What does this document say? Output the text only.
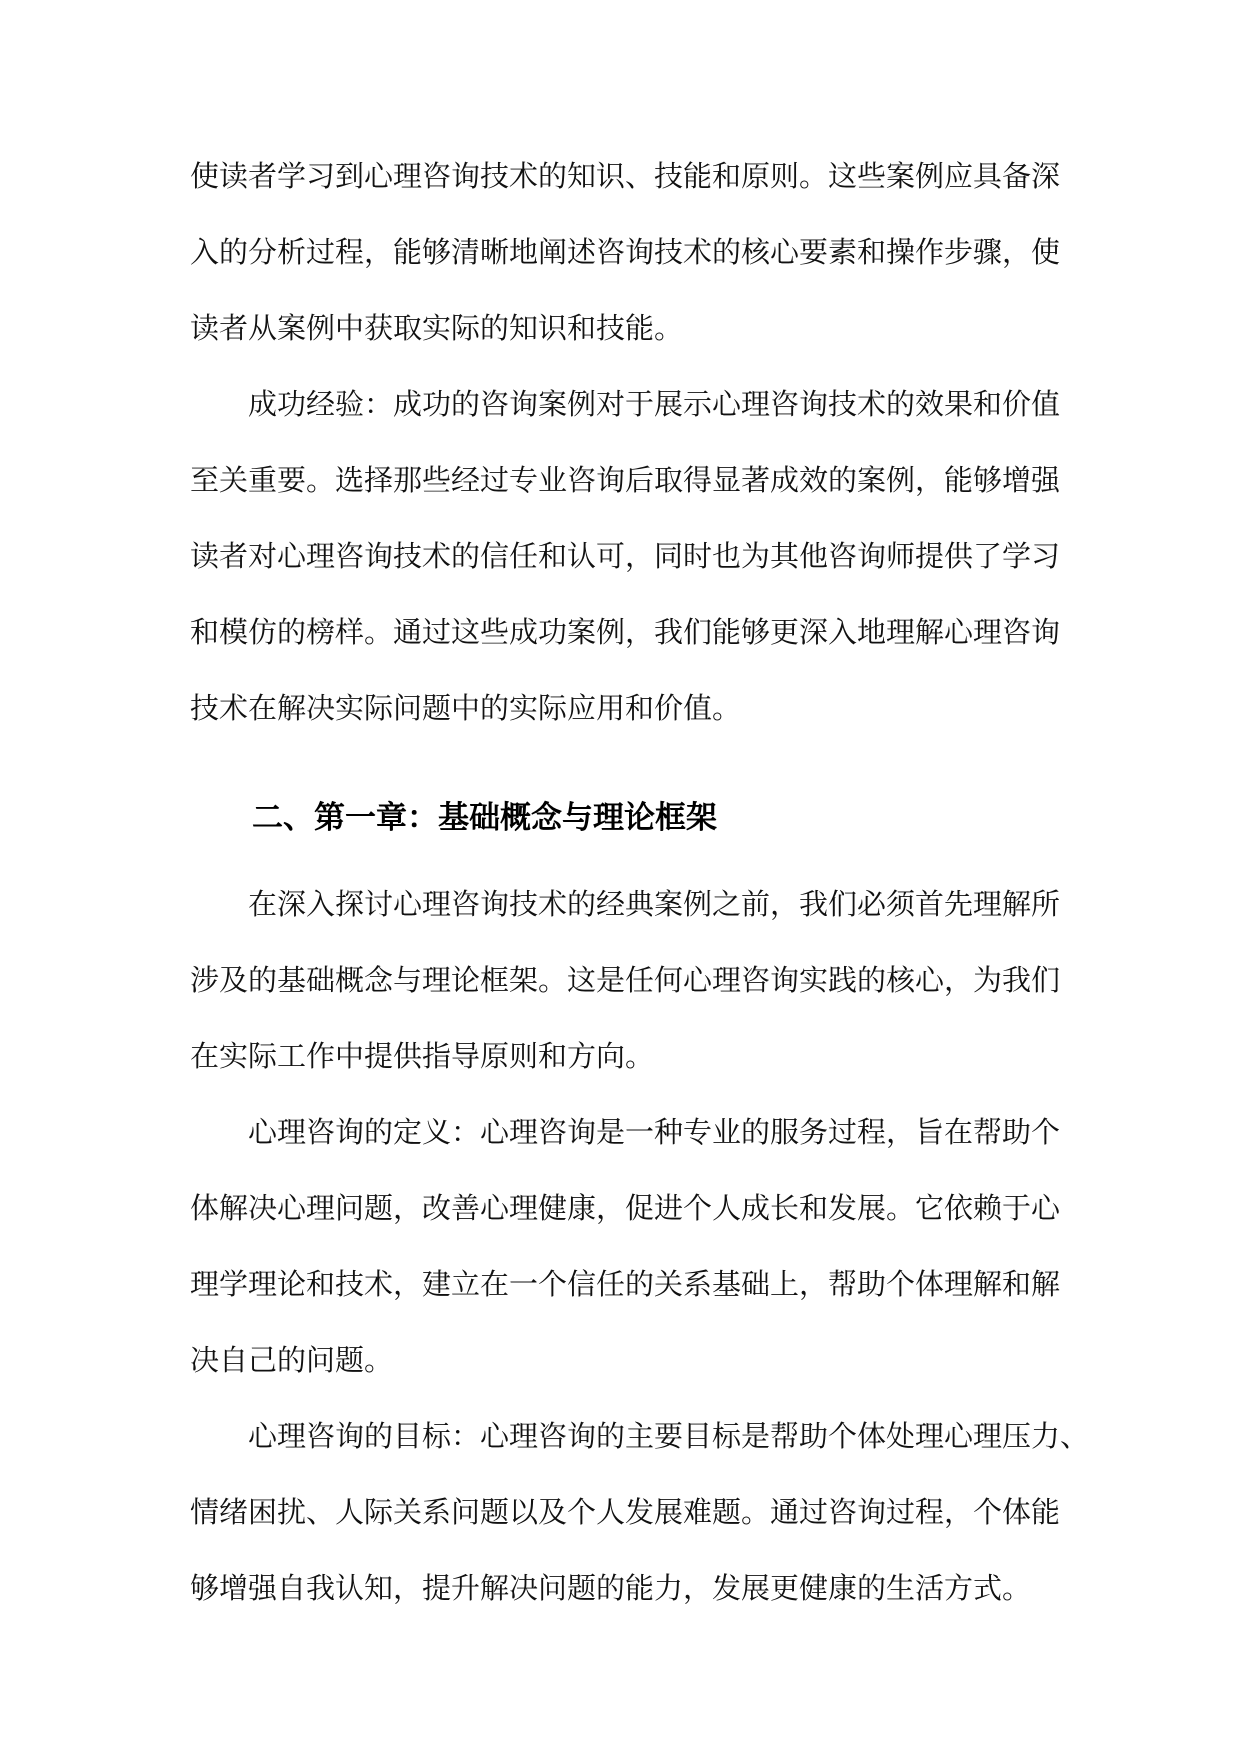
使读者学习到心理咨询技术的知识、技能和原则。这些案例应具备深
入的分析过程，能够清晰地阐述咨询技术的核心要素和操作步骤，使
读者从案例中获取实际的知识和技能。
成功经验：成功的咨询案例对于展示心理咨询技术的效果和价值
至关重要。选择那些经过专业咨询后取得显著成效的案例，能够增强
读者对心理咨询技术的信任和认可，同时也为其他咨询师提供了学习
和模仿的榜样。通过这些成功案例，我们能够更深入地理解心理咨询
技术在解决实际问题中的实际应用和价值。
二、第一章：基础概念与理论框架
在深入探讨心理咨询技术的经典案例之前，我们必须首先理解所
涉及的基础概念与理论框架。这是任何心理咨询实践的核心，为我们
在实际工作中提供指导原则和方向。
心理咨询的定义：心理咨询是一种专业的服务过程，旨在帮助个
体解决心理问题，改善心理健康，促进个人成长和发展。它依赖于心
理学理论和技术，建立在一个信任的关系基础上，帮助个体理解和解
决自己的问题。
心理咨询的目标：心理咨询的主要目标是帮助个体处理心理压力、
情绪困扰、人际关系问题以及个人发展难题。通过咨询过程，个体能
够增强自我认知，提升解决问题的能力，发展更健康的生活方式。
